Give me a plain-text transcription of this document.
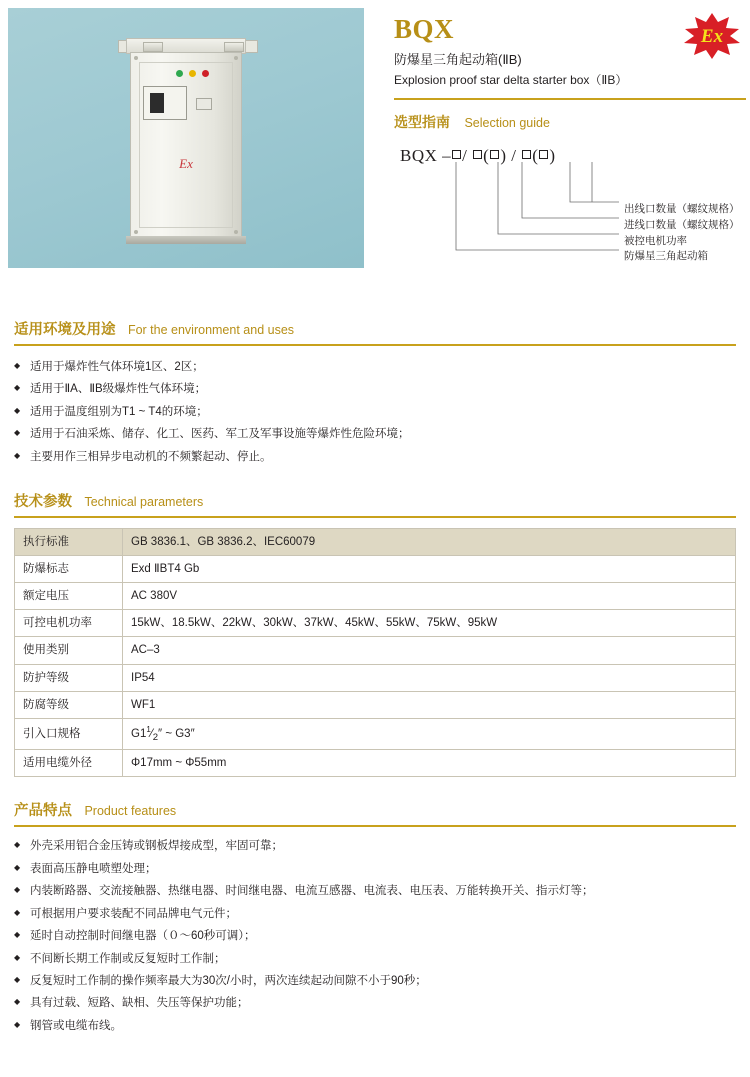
Ex
Ex
BQX
防爆星三角起动箱(ⅡB)
Explosion proof star delta starter box（ⅡB）
选型指南 Selection guide
BQX – / ( ) / ( )
出线口数量（螺纹规格）
进线口数量（螺纹规格）
被控电机功率
防爆星三角起动箱
适用环境及用途 For the environment and uses
◆ 适用于爆炸性气体环境1区、2区；
◆ 适用于ⅡA、ⅡB级爆炸性气体环境；
◆ 适用于温度组别为T1 ~ T4的环境；
◆ 适用于石油采炼、储存、化工、医药、军工及军事设施等爆炸性危险环境；
◆ 主要用作三相异步电动机的不频繁起动、停止。
技术参数 Technical parameters
执行标准	GB 3836.1、GB 3836.2、IEC60079
防爆标志	Exd ⅡBT4 Gb
额定电压	AC 380V
可控电机功率	15kW、18.5kW、22kW、30kW、37kW、45kW、55kW、75kW、95kW
使用类别	AC–3
防护等级	IP54
防腐等级	WF1
引入口规格	$G1^1⁄_2''$ ~ G3″
适用电缆外径	Φ17mm ~ Φ55mm
产品特点 Product features
◆ 外壳采用铝合金压铸或钢板焊接成型，牢固可靠；
◆ 表面高压静电喷塑处理；
◆ 内装断路器、交流接触器、热继电器、时间继电器、电流互感器、电流表、电压表、万能转换开关、指示灯等；
◆ 可根据用户要求装配不同品牌电气元件；
◆ 延时自动控制时间继电器（０～60秒可调）；
◆ 不间断长期工作制或反复短时工作制；
◆ 反复短时工作制的操作频率最大为30次/小时，两次连续起动间隙不小于90秒；
◆ 具有过载、短路、缺相、失压等保护功能；
◆ 钢管或电缆布线。
